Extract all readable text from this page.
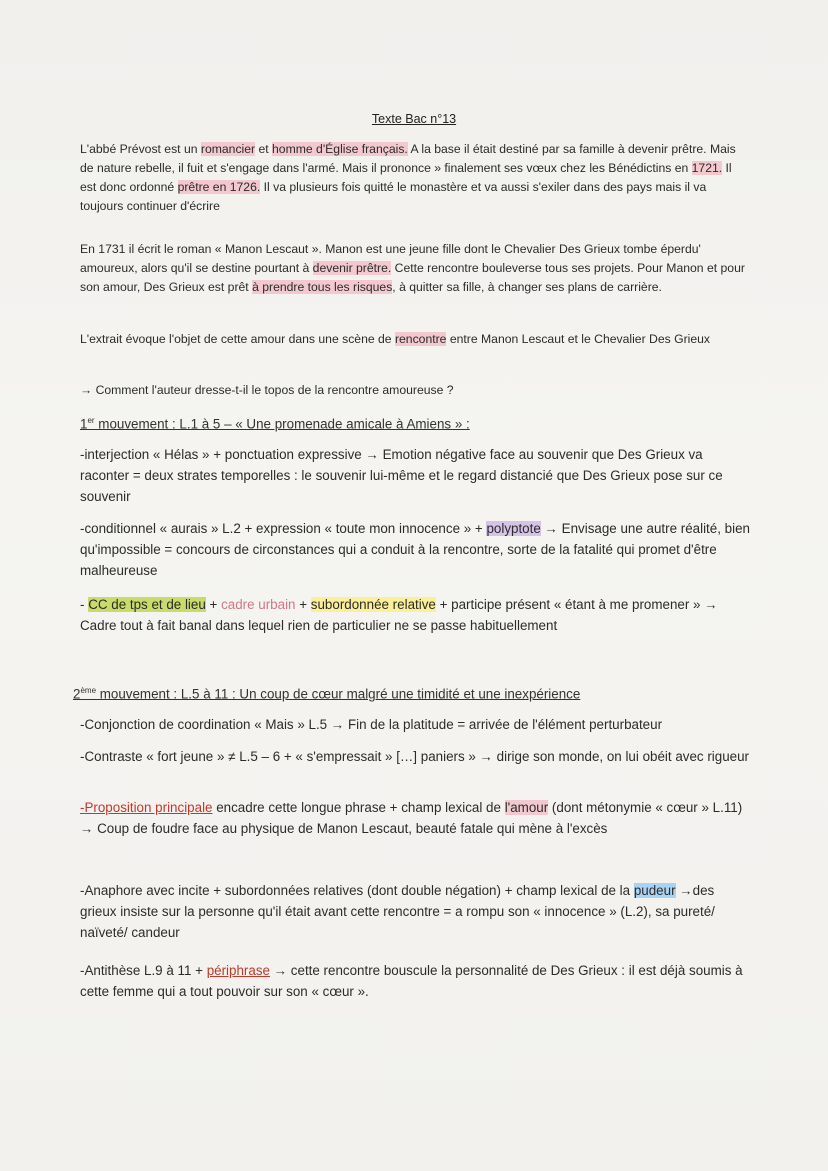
Texte Bac n°13
L'abbé Prévost est un romancier et homme d'Église français. A la base il était destiné par sa famille à devenir prêtre. Mais de nature rebelle, il fuit et s'engage dans l'armé. Mais il prononce » finalement ses vœux chez les Bénédictins en 1721. Il est donc ordonné prêtre en 1726. Il va plusieurs fois quitté le monastère et va aussi s'exiler dans des pays mais il va toujours continuer d'écrire
En 1731 il écrit le roman « Manon Lescaut ». Manon est une jeune fille dont le Chevalier Des Grieux tombe éperdu' amoureux, alors qu'il se destine pourtant à devenir prêtre. Cette rencontre bouleverse tous ses projets. Pour Manon et pour son amour, Des Grieux est prêt à prendre tous les risques, à quitter sa fille, à changer ses plans de carrière.
L'extrait évoque l'objet de cette amour dans une scène de rencontre entre Manon Lescaut et le Chevalier Des Grieux
→ Comment l'auteur dresse-t-il le topos de la rencontre amoureuse ?
1er mouvement : L.1 à 5 – « Une promenade amicale à Amiens » :
-interjection « Hélas » + ponctuation expressive → Emotion négative face au souvenir que Des Grieux va raconter = deux strates temporelles : le souvenir lui-même et le regard distancié que Des Grieux pose sur ce souvenir
-conditionnel « aurais » L.2 + expression « toute mon innocence » + polyptote → Envisage une autre réalité, bien qu'impossible = concours de circonstances qui a conduit à la rencontre, sorte de la fatalité qui promet d'être malheureuse
- CC de tps et de lieu + cadre urbain + subordonnée relative + participe présent « étant à me promener » → Cadre tout à fait banal dans lequel rien de particulier ne se passe habituellement
2ème mouvement : L.5 à 11 : Un coup de cœur malgré une timidité et une inexpérience
-Conjonction de coordination « Mais » L.5 → Fin de la platitude = arrivée de l'élément perturbateur
-Contraste « fort jeune » ≠ L.5 – 6 + « s'empressait » […] paniers » → dirige son monde, on lui obéit avec rigueur
-Proposition principale encadre cette longue phrase + champ lexical de l'amour (dont métonymie « cœur » L.11) → Coup de foudre face au physique de Manon Lescaut, beauté fatale qui mène à l'excès
-Anaphore avec incite + subordonnées relatives (dont double négation) + champ lexical de la pudeur →des grieux insiste sur la personne qu'il était avant cette rencontre = a rompu son « innocence » (L.2), sa pureté/ naïveté/ candeur
-Antithèse L.9 à 11 + périphrase → cette rencontre bouscule la personnalité de Des Grieux : il est déjà soumis à cette femme qui a tout pouvoir sur son « cœur ».
